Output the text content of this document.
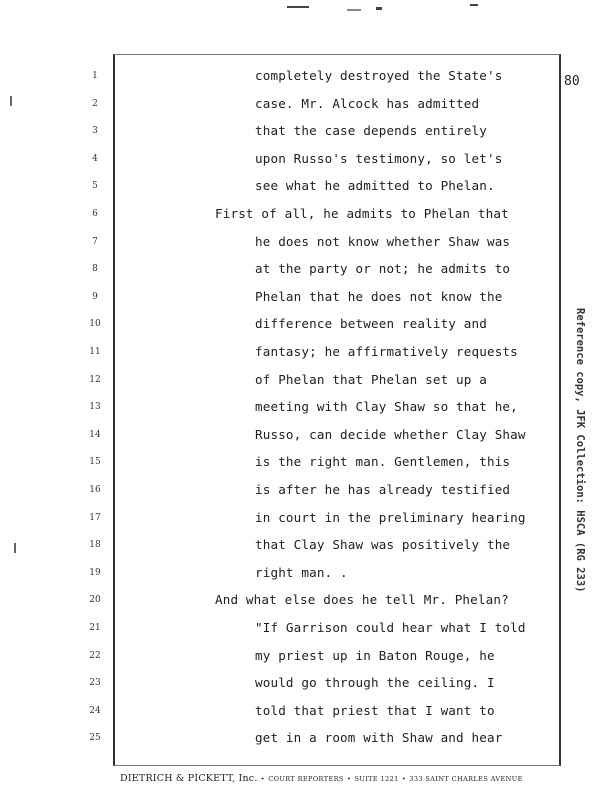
80
1	completely destroyed the State's
2	case. Mr. Alcock has admitted
3	that the case depends entirely
4	upon Russo's testimony, so let's
5	see what he admitted to Phelan.
6	First of all, he admits to Phelan that
7	he does not know whether Shaw was
8	at the party or not; he admits to
9	Phelan that he does not know the
10	difference between reality and
11	fantasy; he affirmatively requests
12	of Phelan that Phelan set up a
13	meeting with Clay Shaw so that he,
14	Russo, can decide whether Clay Shaw
15	is the right man. Gentlemen, this
16	is after he has already testified
17	in court in the preliminary hearing
18	that Clay Shaw was positively the
19	right man. .
20	And what else does he tell Mr. Phelan?
21	"If Garrison could hear what I told
22	my priest up in Baton Rouge, he
23	would go through the ceiling. I
24	told that priest that I want to
25	get in a room with Shaw and hear
Reference copy, JFK Collection: HSCA (RG 233)
DIETRICH & PICKETT, Inc. • COURT REPORTERS • SUITE 1221 • 333 SAINT CHARLES AVENUE
